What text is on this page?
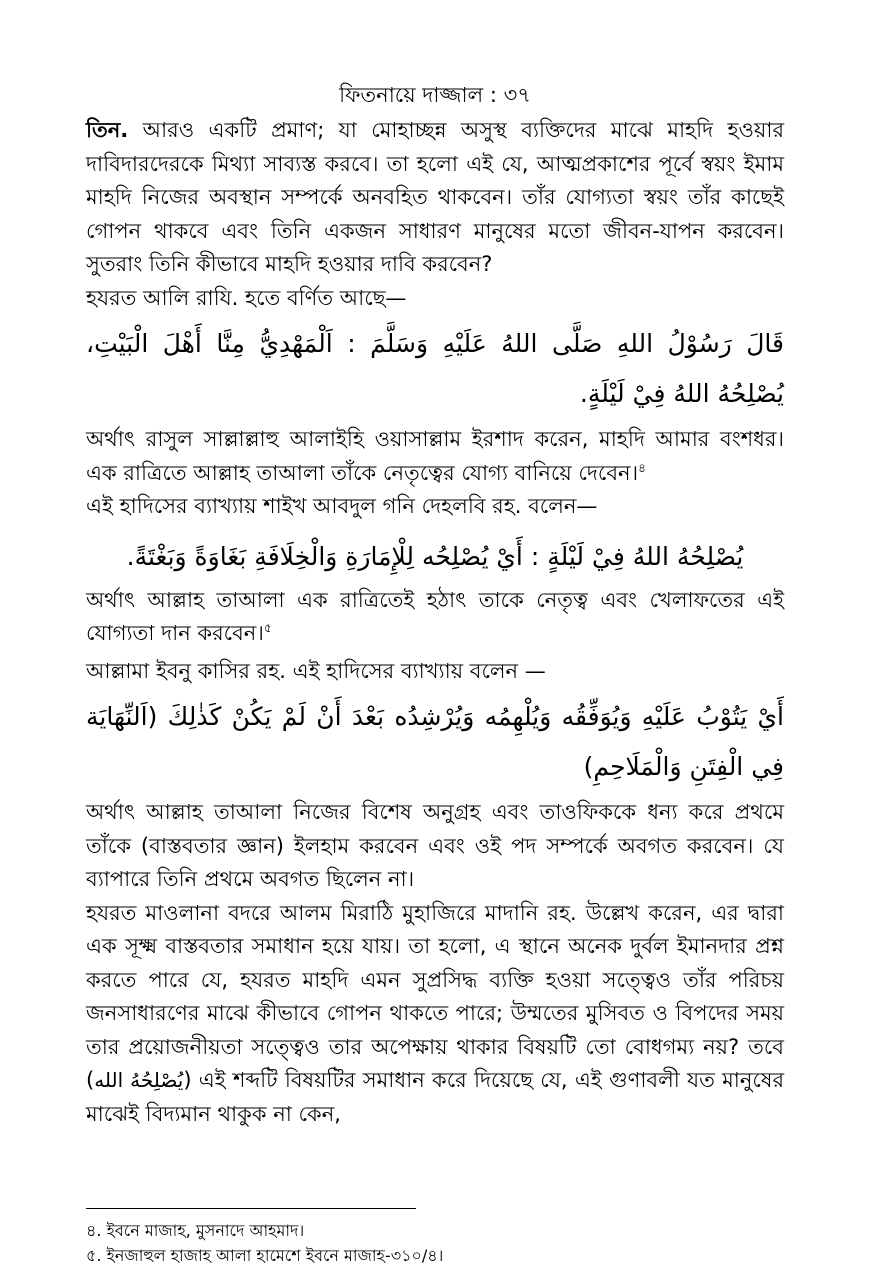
ফিতনায়ে দাজ্জাল : ৩৭

তিন. আরও একটি প্রমাণ; যা মোহাচ্ছন্ন অসুস্থ ব্যক্তিদের মাঝে মাহদি হওয়ার দাবিদারদেরকে মিথ্যা সাব্যস্ত করবে। তা হলো এই যে, আত্মপ্রকাশের পূর্বে স্বয়ং ইমাম মাহদি নিজের অবস্থান সম্পর্কে অনবহিত থাকবেন। তাঁর যোগ্যতা স্বয়ং তাঁর কাছেই গোপন থাকবে এবং তিনি একজন সাধারণ মানুষের মতো জীবন-যাপন করবেন। সুতরাং তিনি কীভাবে মাহদি হওয়ার দাবি করবেন?

হযরত আলি রাযি. হতে বর্ণিত আছে—

قَالَ رَسُوْلُ اللهِ صَلَّى اللهُ عَلَيْهِ وَسَلَّمَ : اَلْمَهْدِيُّ مِنَّا أَهْلَ الْبَيْتِ، يُصْلِحُهُ اللهُ فِيْ لَيْلَةٍ.

অর্থাৎ রাসুল সাল্লাল্লাহু আলাইহি ওয়াসাল্লাম ইরশাদ করেন, মাহদি আমার বংশধর। এক রাত্রিতে আল্লাহ তাআলা তাঁকে নেতৃত্বের যোগ্য বানিয়ে দেবেন।$^৪$

এই হাদিসের ব্যাখ্যায় শাইখ আবদুল গনি দেহলবি রহ. বলেন—

يُصْلِحُهُ اللهُ فِيْ لَيْلَةٍ : أَيْ يُصْلِحُه لِلْإِمَارَةِ وَالْخِلَافَةِ بَغَاوَةً وَبَغْتَةً.

অর্থাৎ আল্লাহ তাআলা এক রাত্রিতেই হঠাৎ তাকে নেতৃত্ব এবং খেলাফতের এই যোগ্যতা দান করবেন।$^৫$

আল্লামা ইবনু কাসির রহ. এই হাদিসের ব্যাখ্যায় বলেন —

أَيْ يَتُوْبُ عَلَيْهِ وَيُوَفِّقُه وَيُلْهِمُه وَيُرْشِدُه بَعْدَ أَنْ لَمْ يَكُنْ كَذٰلِكَ (اَلنِّهَايَة فِي الْفِتَنِ وَالْمَلَاحِمِ)

অর্থাৎ আল্লাহ তাআলা নিজের বিশেষ অনুগ্রহ এবং তাওফিককে ধন্য করে প্রথমে তাঁকে (বাস্তবতার জ্ঞান) ইলহাম করবেন এবং ওই পদ সম্পর্কে অবগত করবেন। যে ব্যাপারে তিনি প্রথমে অবগত ছিলেন না।

হযরত মাওলানা বদরে আলম মিরাঠি মুহাজিরে মাদানি রহ. উল্লেখ করেন, এর দ্বারা এক সূক্ষ্ম বাস্তবতার সমাধান হয়ে যায়। তা হলো, এ স্থানে অনেক দুর্বল ইমানদার প্রশ্ন করতে পারে যে, হযরত মাহদি এমন সুপ্রসিদ্ধ ব্যক্তি হওয়া সত্ত্বেও তাঁর পরিচয় জনসাধারণের মাঝে কীভাবে গোপন থাকতে পারে; উম্মতের মুসিবত ও বিপদের সময় তার প্রয়োজনীয়তা সত্ত্বেও তার অপেক্ষায় থাকার বিষয়টি তো বোধগম্য নয়? তবে (يُصْلِحُهُ الله) এই শব্দটি বিষয়টির সমাধান করে দিয়েছে যে, এই গুণাবলী যত মানুষের মাঝেই বিদ্যমান থাকুক না কেন,

৪. ইবনে মাজাহ, মুসনাদে আহমাদ।
৫. ইনজাহুল হাজাহ আলা হামেশে ইবনে মাজাহ-৩১০/৪।
